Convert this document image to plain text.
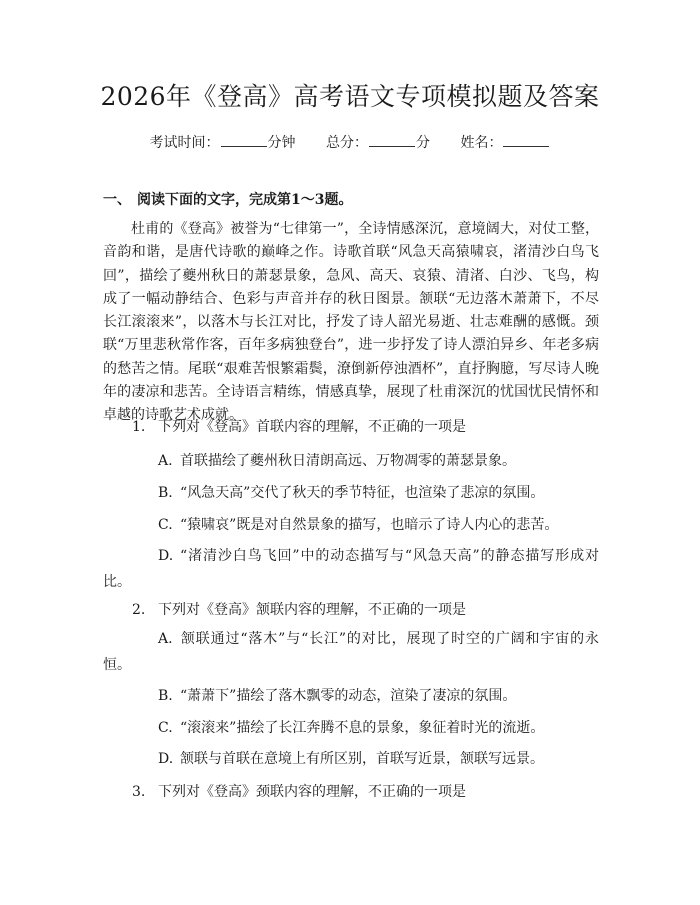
2026年《登高》高考语文专项模拟题及答案
考试时间：	分钟 总分：	分 姓名：
一、 阅读下面的文字，完成第1～3题。

杜甫的《登高》被誉为“七律第一”，全诗情感深沉，意境阔大，对仗工整，音韵和谐，是唐代诗歌的巅峰之作。诗歌首联“风急天高猿啸哀，渚清沙白鸟飞回”，描绘了夔州秋日的萧瑟景象，急风、高天、哀猿、清渚、白沙、飞鸟，构成了一幅动静结合、色彩与声音并存的秋日图景。颔联“无边落木萧萧下，不尽长江滚滚来”，以落木与长江对比，抒发了诗人韶光易逝、壮志难酬的感慨。颈联“万里悲秋常作客，百年多病独登台”，进一步抒发了诗人漂泊异乡、年老多病的愁苦之情。尾联“艰难苦恨繁霜鬓，潦倒新停浊酒杯”，直抒胸臆，写尽诗人晚年的凄凉和悲苦。全诗语言精练，情感真挚，展现了杜甫深沉的忧国忧民情怀和卓越的诗歌艺术成就。

1. 下列对《登高》首联内容的理解，不正确的一项是

A. 首联描绘了夔州秋日清朗高远、万物凋零的萧瑟景象。

B. “风急天高”交代了秋天的季节特征，也渲染了悲凉的氛围。

C. “猿啸哀”既是对自然景象的描写，也暗示了诗人内心的悲苦。

D. “渚清沙白鸟飞回”中的动态描写与“风急天高”的静态描写形成对比。

2. 下列对《登高》颔联内容的理解，不正确的一项是

A. 颔联通过“落木”与“长江”的对比，展现了时空的广阔和宇宙的永恒。

B. “萧萧下”描绘了落木飘零的动态，渲染了凄凉的氛围。

C. “滚滚来”描绘了长江奔腾不息的景象，象征着时光的流逝。

D. 颔联与首联在意境上有所区别，首联写近景，颔联写远景。

3. 下列对《登高》颈联内容的理解，不正确的一项是
